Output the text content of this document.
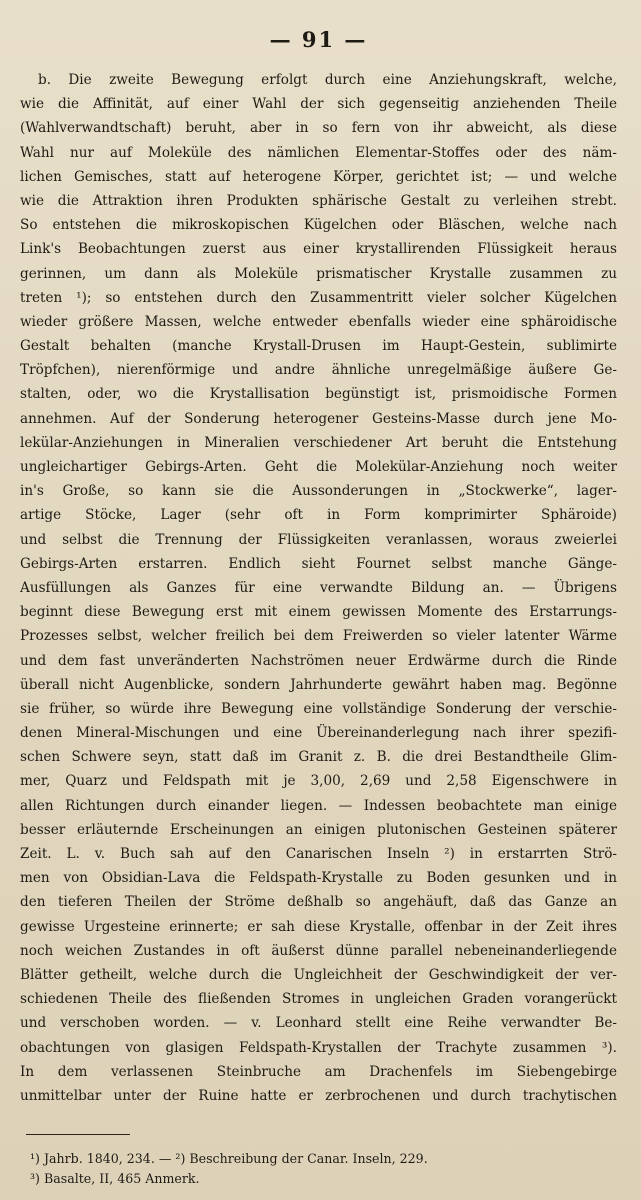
— 91 —
b. Die zweite Bewegung erfolgt durch eine Anziehungskraft, welche,
wie die Affinität, auf einer Wahl der sich gegenseitig anziehenden Theile
(Wahlverwandtschaft) beruht, aber in so fern von ihr abweicht, als diese
Wahl nur auf Moleküle des nämlichen Elementar-Stoffes oder des näm-
lichen Gemisches, statt auf heterogene Körper, gerichtet ist; — und welche
wie die Attraktion ihren Produkten sphärische Gestalt zu verleihen strebt.
So entstehen die mikroskopischen Kügelchen oder Bläschen, welche nach
Link's Beobachtungen zuerst aus einer krystallirenden Flüssigkeit heraus
gerinnen, um dann als Moleküle prismatischer Krystalle zusammen zu
treten ¹); so entstehen durch den Zusammentritt vieler solcher Kügelchen
wieder größere Massen, welche entweder ebenfalls wieder eine sphäroidische
Gestalt behalten (manche Krystall-Drusen im Haupt-Gestein, sublimirte
Tröpfchen), nierenförmige und andre ähnliche unregelmäßige äußere Ge-
stalten, oder, wo die Krystallisation begünstigt ist, prismoidische Formen
annehmen. Auf der Sonderung heterogener Gesteins-Masse durch jene Mo-
lekülar-Anziehungen in Mineralien verschiedener Art beruht die Entstehung
ungleichartiger Gebirgs-Arten. Geht die Molekülar-Anziehung noch weiter
in's Große, so kann sie die Aussonderungen in „Stockwerke“, lager-
artige Stöcke, Lager (sehr oft in Form komprimirter Sphäroide)
und selbst die Trennung der Flüssigkeiten veranlassen, woraus zweierlei
Gebirgs-Arten erstarren. Endlich sieht Fournet selbst manche Gänge-
Ausfüllungen als Ganzes für eine verwandte Bildung an. — Übrigens
beginnt diese Bewegung erst mit einem gewissen Momente des Erstarrungs-
Prozesses selbst, welcher freilich bei dem Freiwerden so vieler latenter Wärme
und dem fast unveränderten Nachströmen neuer Erdwärme durch die Rinde
überall nicht Augenblicke, sondern Jahrhunderte gewährt haben mag. Begönne
sie früher, so würde ihre Bewegung eine vollständige Sonderung der verschie-
denen Mineral-Mischungen und eine Übereinanderlegung nach ihrer spezifi-
schen Schwere seyn, statt daß im Granit z. B. die drei Bestandtheile Glim-
mer, Quarz und Feldspath mit je 3,00, 2,69 und 2,58 Eigenschwere in
allen Richtungen durch einander liegen. — Indessen beobachtete man einige
besser erläuternde Erscheinungen an einigen plutonischen Gesteinen späterer
Zeit. L. v. Buch sah auf den Canarischen Inseln ²) in erstarrten Strö-
men von Obsidian-Lava die Feldspath-Krystalle zu Boden gesunken und in
den tieferen Theilen der Ströme deßhalb so angehäuft, daß das Ganze an
gewisse Urgesteine erinnerte; er sah diese Krystalle, offenbar in der Zeit ihres
noch weichen Zustandes in oft äußerst dünne parallel nebeneinanderliegende
Blätter getheilt, welche durch die Ungleichheit der Geschwindigkeit der ver-
schiedenen Theile des fließenden Stromes in ungleichen Graden vorangerückt
und verschoben worden. — v. Leonhard stellt eine Reihe verwandter Be-
obachtungen von glasigen Feldspath-Krystallen der Trachyte zusammen ³).
In dem verlassenen Steinbruche am Drachenfels im Siebengebirge
unmittelbar unter der Ruine hatte er zerbrochenen und durch trachytischen
¹) Jahrb. 1840, 234. — ²) Beschreibung der Canar. Inseln, 229.
³) Basalte, II, 465 Anmerk.
